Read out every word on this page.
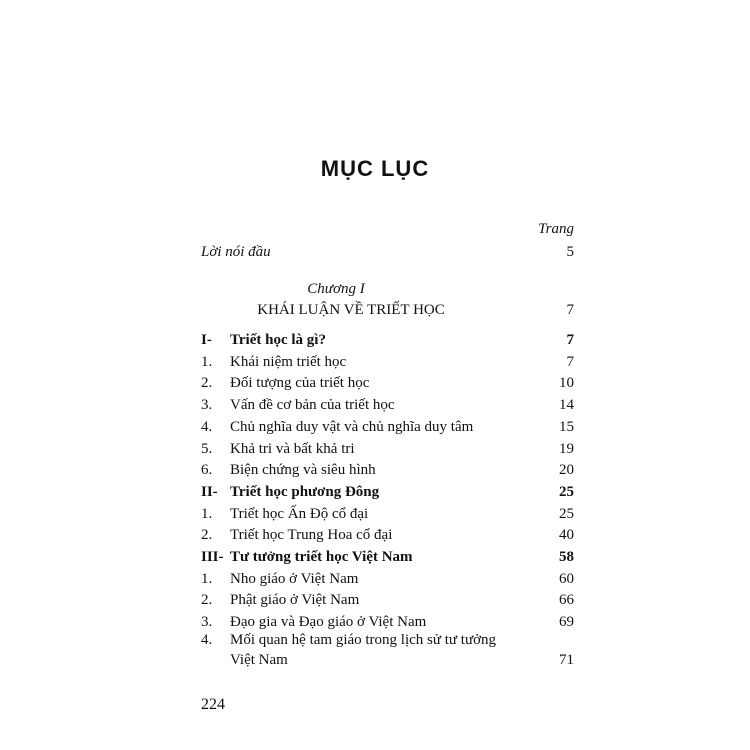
MỤC LỤC
Trang
Lời nói đầu	5
Chương I
KHÁI LUẬN VỀ TRIẾT HỌC	7
I- Triết học là gì?	7
1. Khái niệm triết học	7
2. Đối tượng của triết học	10
3. Vấn đề cơ bản của triết học	14
4. Chủ nghĩa duy vật và chủ nghĩa duy tâm	15
5. Khả tri và bất khả tri	19
6. Biện chứng và siêu hình	20
II- Triết học phương Đông	25
1. Triết học Ấn Độ cổ đại	25
2. Triết học Trung Hoa cổ đại	40
III- Tư tưởng triết học Việt Nam	58
1. Nho giáo ở Việt Nam	60
2. Phật giáo ở Việt Nam	66
3. Đạo gia và Đạo giáo ở Việt Nam	69
4. Mối quan hệ tam giáo trong lịch sử tư tưởng
Việt Nam	71
224
